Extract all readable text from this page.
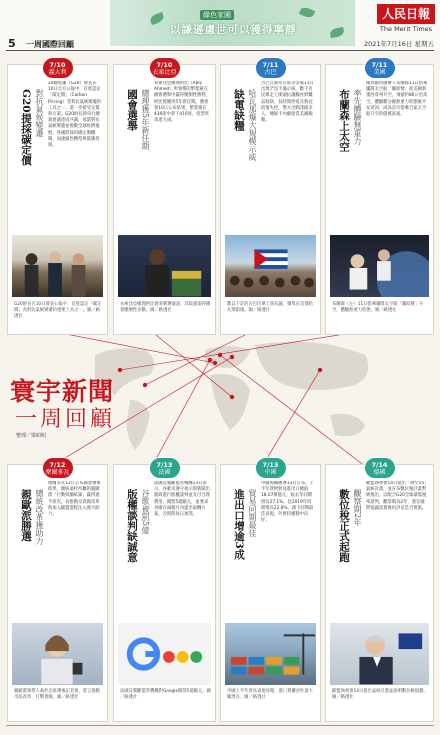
綠色家園
以謙遜慮世可以獲得寧靜
人民日報
The Merit Times
5 一周國際回顧	2021年7月16日 星期五
寰宇新聞
一周回顧
整理／梁昭明
7/10
義大利
G20提採碳定價 對抗氣候變遷
20國集團（G20）財長在10日官方公報中，首度認定「碳定價」（Carbon Pricing）等對抗氣候變遷的工具之一，還一步接受定價與方案。G20財長與央行總裁會議達成共識，承諾對抗氣候變遷並推動全球經濟復甦，各國將採用碳定價機制，加速綠色轉型與低碳投資。
G20財長在10日發表公報中，首度認定「碳定價」為對抗氣候變遷的重要工具之一。圖／路透社
7/10
衣索比亞
國會選舉 總理獲5年新任期
衣索比亞總理阿比（Abiy Ahmed）所領導的繁榮黨在國會選舉中贏得壓倒性勝利，阿比將獲得5年新任期。選委會10日公布結果，繁榮黨在436席中拿下410席，投票率高達九成。
衣索比亞總理阿比發表勝選演說，其政黨取得國會壓倒性多數。圖／路透社
7/11
古巴
缺電缺糧 哈瓦那爆大規模示威
古巴首都哈瓦那等多處11日出現罕見不滿示威，數千名民眾走上街頭抗議糧食與藥品短缺、長時間停電及新冠疫情失控，警方出動逮捕多人，總統卡內爾指責美國煽動。
數以千計的古巴民眾上街抗議，聚集在首都哈瓦那街頭。圖／路透社
7/11
美國
布蘭森上太空 率先體驗無重力
維珍銀河創辦人布蘭森11日搭乘團隊太空船「團結號」從美國新墨西哥州升空，飛抵約86公里高空，體驗數分鐘無重力狀態後平安返回，成為首位搭乘自家太空船升空的億萬富豪。
布蘭森（左）11日搭乘團隊太空船「團結號」升空，體驗無重力狀態。圖／路透社
7/12
摩爾多瓦
親歐派勝選 總統改革獲助力
摩爾多瓦12日公布國會選舉結果，總統桑杜所屬的親歐派「行動與團結黨」贏得過半席次，為推動反貪腐改革與加入歐盟進程注入強大助力。
親歐派領導人桑杜出席選後記者會，誓言推動司法改革、打擊貪腐。圖／路透社
7/13
法國
版權談判缺誠意 谷歌被罰5億
法國反壟斷監管機構13日表示，谷歌未遵守指示與新聞出版商進行版權談判並支付合理費用，開罰5億歐元，並要求谷歌在兩個月內提出報酬方案，否則將每日加罰。
法國反壟斷監管機構對Google開罰5億歐元。圖／路透社
7/13
中國
進出口增逾3成 貿易同期最佳
中國海關總署13日公布，上半年貨物貿易進出口總值18.07萬億元，較去年同期增長27.1%，比2019年同期增長22.8%，創下同期最佳表現，外貿持續穩中向好。
中國上半年貿易表現亮眼，港口貨櫃吞吐量大幅增長。圖／路透社
7/14
德國
數位稅正式起跑 觀察期2年
歐盟執委會14日提出「降至55」氣候計畫，並宣布數位稅計畫暫緩推出，以配合G20全球最低稅率談判，觀察期為2年，將在國際協議落實後再評估是否實施。
歐盟執委會14日提出氣候計畫並說明數位稅規劃。圖／路透社
